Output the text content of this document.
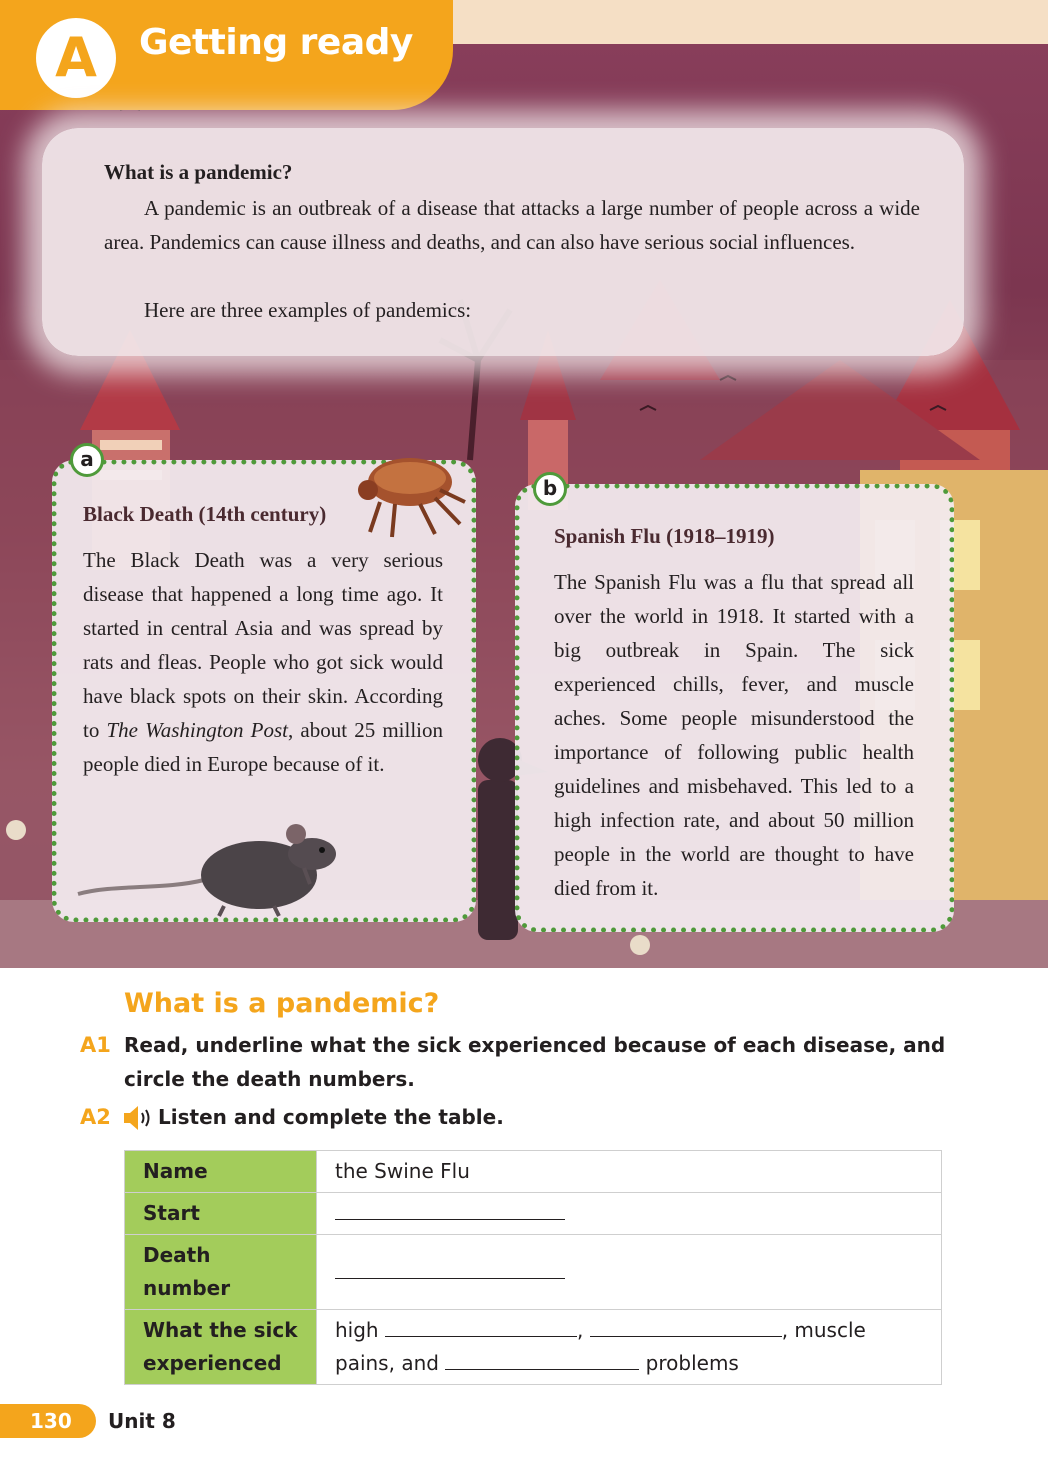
A	Getting ready
What is a pandemic?

A pandemic is an outbreak of a disease that attacks a large number of people across a wide area. Pandemics can cause illness and deaths, and can also have serious social influences.

Here are three examples of pandemics:

a
Black Death (14th century)

The Black Death was a very serious disease that happened a long time ago. It started in central Asia and was spread by rats and fleas. People who got sick would have black spots on their skin. According to The Washington Post, about 25 million people died in Europe because of it.

b
Spanish Flu (1918–1919)

The Spanish Flu was a flu that spread all over the world in 1918. It started with a big outbreak in Spain. The sick experienced chills, fever, and muscle aches. Some people misunderstood the importance of following public health guidelines and misbehaved. This led to a high infection rate, and about 50 million people in the world are thought to have died from it.

What is a pandemic?
A1 Read, underline what the sick experienced because of each disease, and circle the death numbers.
A2 Listen and complete the table.
Name	the Swine Flu
Start	
Death number	
What the sick experienced	high , , muscle
pains, and problems
130	Unit 8
